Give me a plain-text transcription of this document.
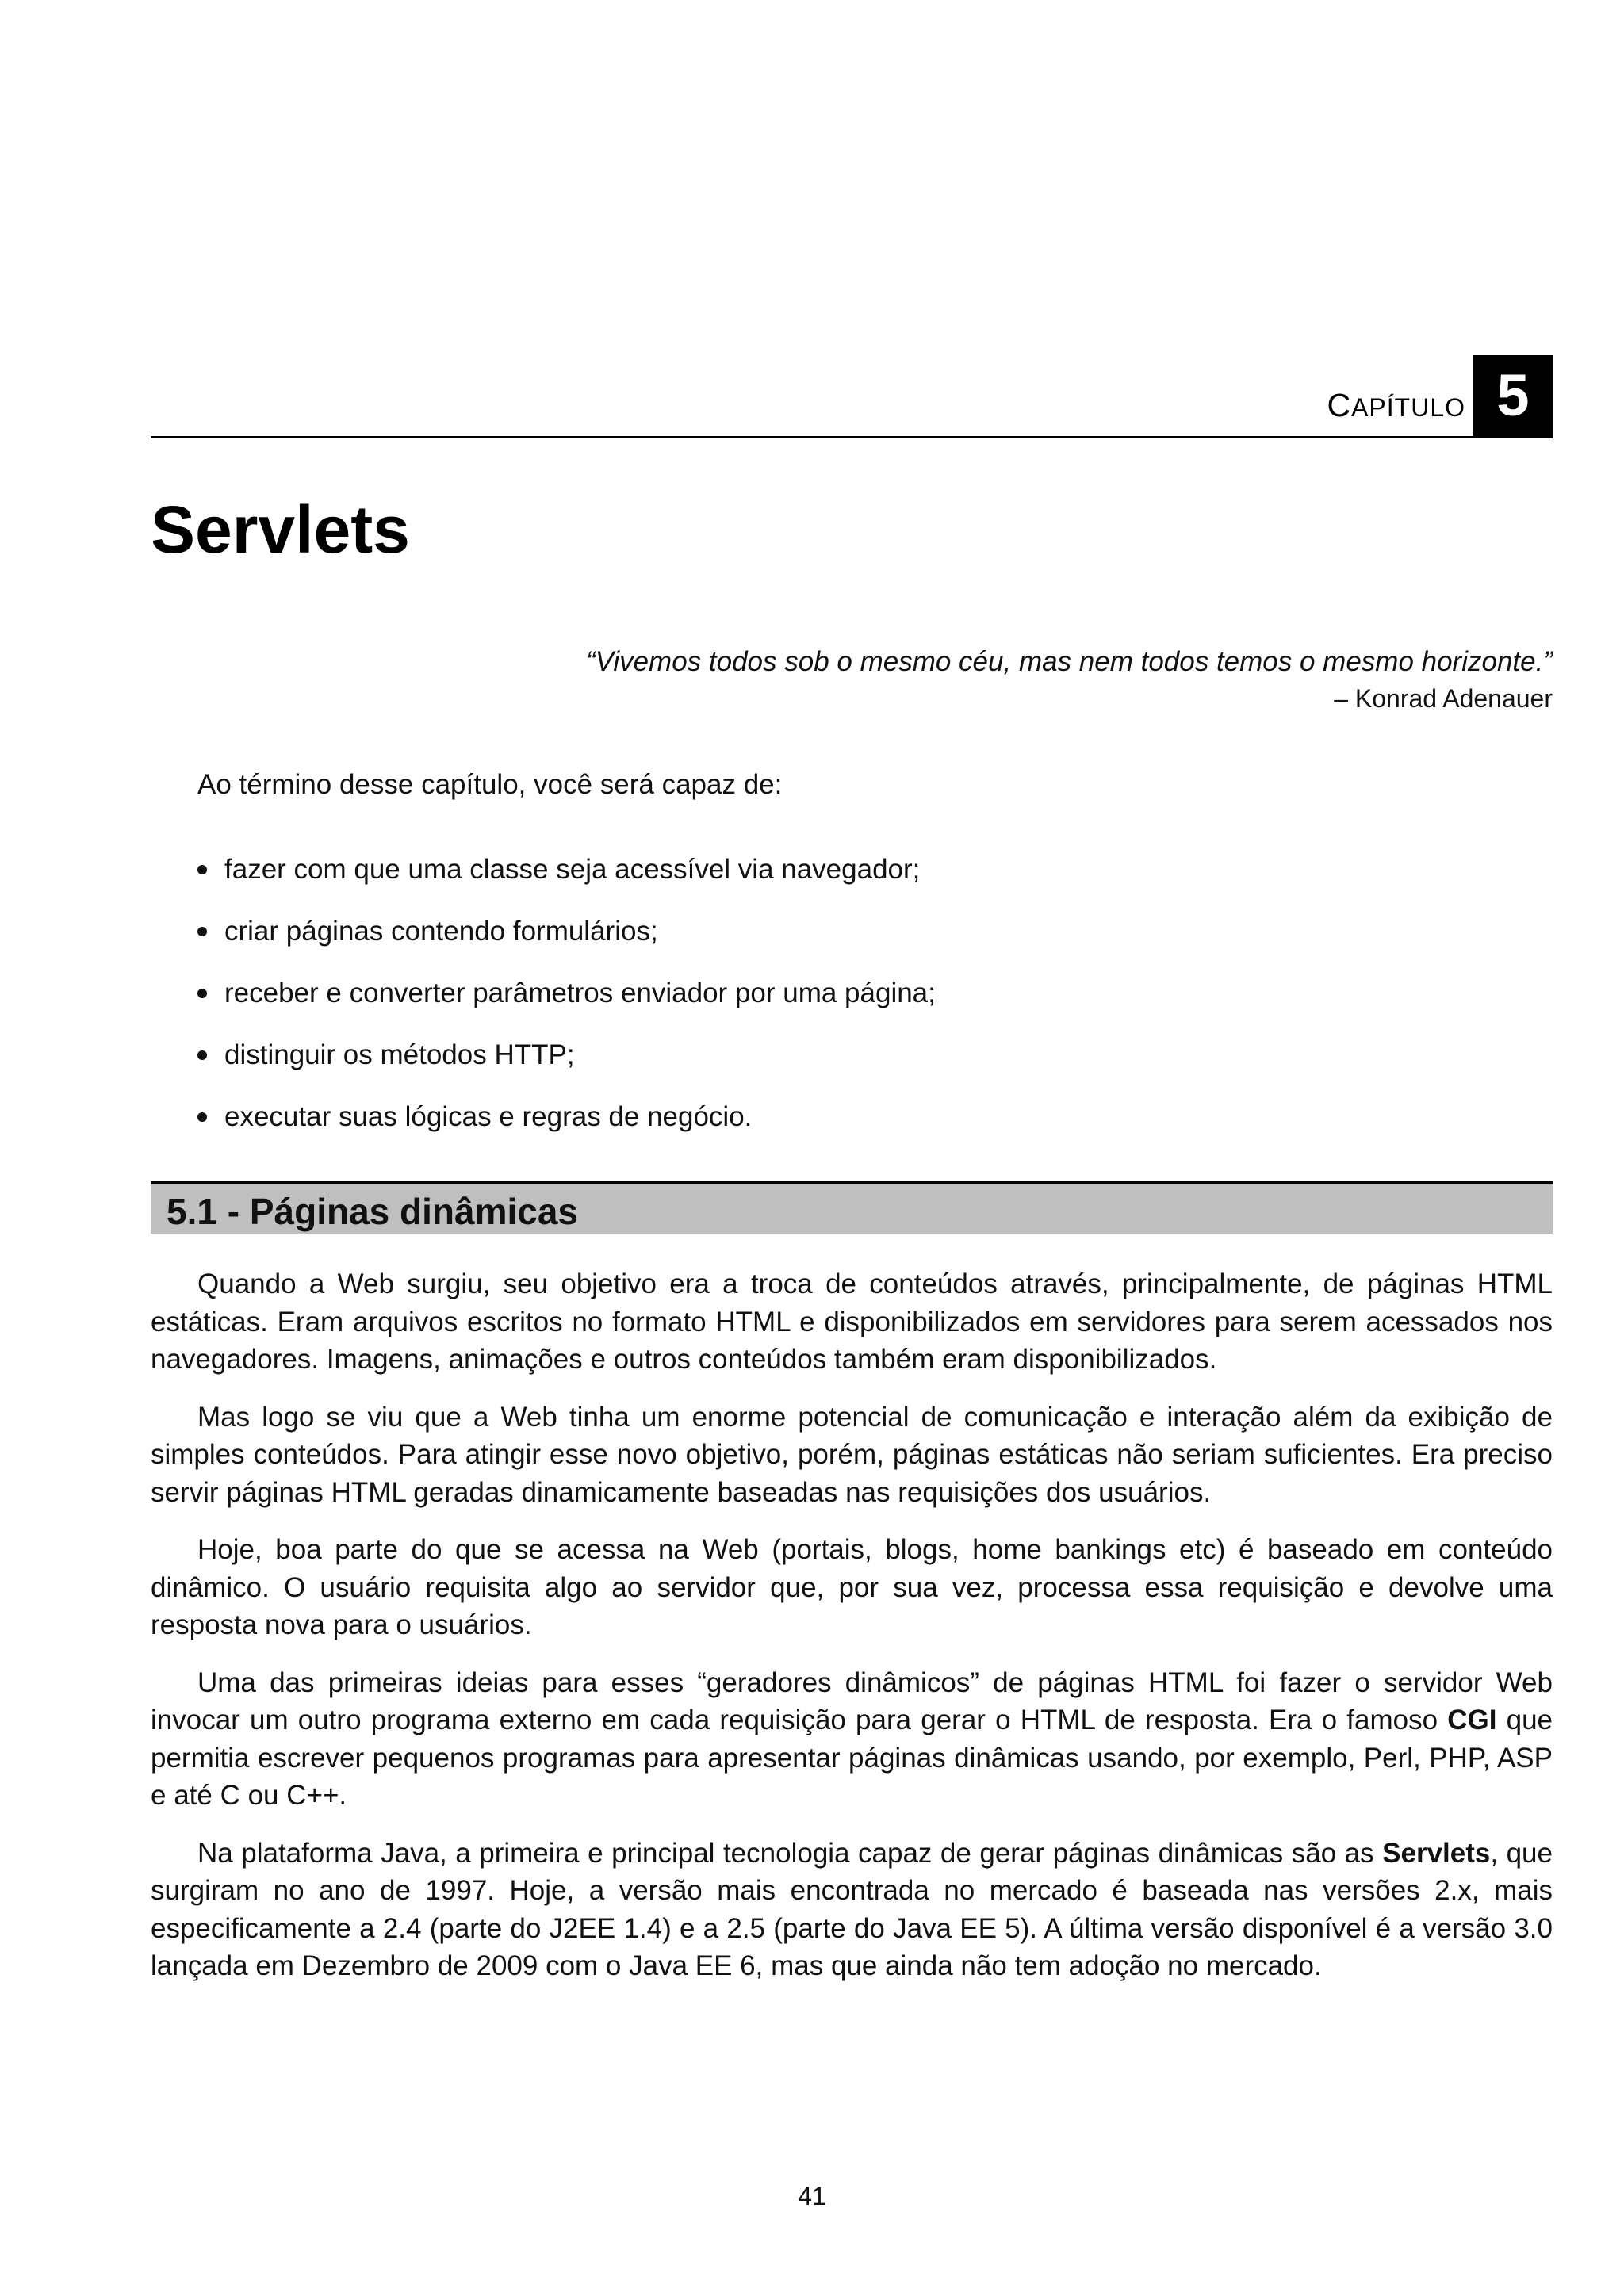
CAPÍTULO 5
Servlets
“Vivemos todos sob o mesmo céu, mas nem todos temos o mesmo horizonte.”
– Konrad Adenauer
Ao término desse capítulo, você será capaz de:
fazer com que uma classe seja acessível via navegador;
criar páginas contendo formulários;
receber e converter parâmetros enviador por uma página;
distinguir os métodos HTTP;
executar suas lógicas e regras de negócio.
5.1 - Páginas dinâmicas

Quando a Web surgiu, seu objetivo era a troca de conteúdos através, principalmente, de páginas HTML estáticas. Eram arquivos escritos no formato HTML e disponibilizados em servidores para serem acessados nos navegadores. Imagens, animações e outros conteúdos também eram disponibilizados.

Mas logo se viu que a Web tinha um enorme potencial de comunicação e interação além da exibição de simples conteúdos. Para atingir esse novo objetivo, porém, páginas estáticas não seriam suficientes. Era preciso servir páginas HTML geradas dinamicamente baseadas nas requisições dos usuários.

Hoje, boa parte do que se acessa na Web (portais, blogs, home bankings etc) é baseado em conteúdo dinâmico. O usuário requisita algo ao servidor que, por sua vez, processa essa requisição e devolve uma resposta nova para o usuários.

Uma das primeiras ideias para esses “geradores dinâmicos” de páginas HTML foi fazer o servidor Web invocar um outro programa externo em cada requisição para gerar o HTML de resposta. Era o famoso CGI que permitia escrever pequenos programas para apresentar páginas dinâmicas usando, por exemplo, Perl, PHP, ASP e até C ou C++.

Na plataforma Java, a primeira e principal tecnologia capaz de gerar páginas dinâmicas são as Servlets, que surgiram no ano de 1997. Hoje, a versão mais encontrada no mercado é baseada nas versões 2.x, mais especificamente a 2.4 (parte do J2EE 1.4) e a 2.5 (parte do Java EE 5). A última versão disponível é a versão 3.0 lançada em Dezembro de 2009 com o Java EE 6, mas que ainda não tem adoção no mercado.

41
